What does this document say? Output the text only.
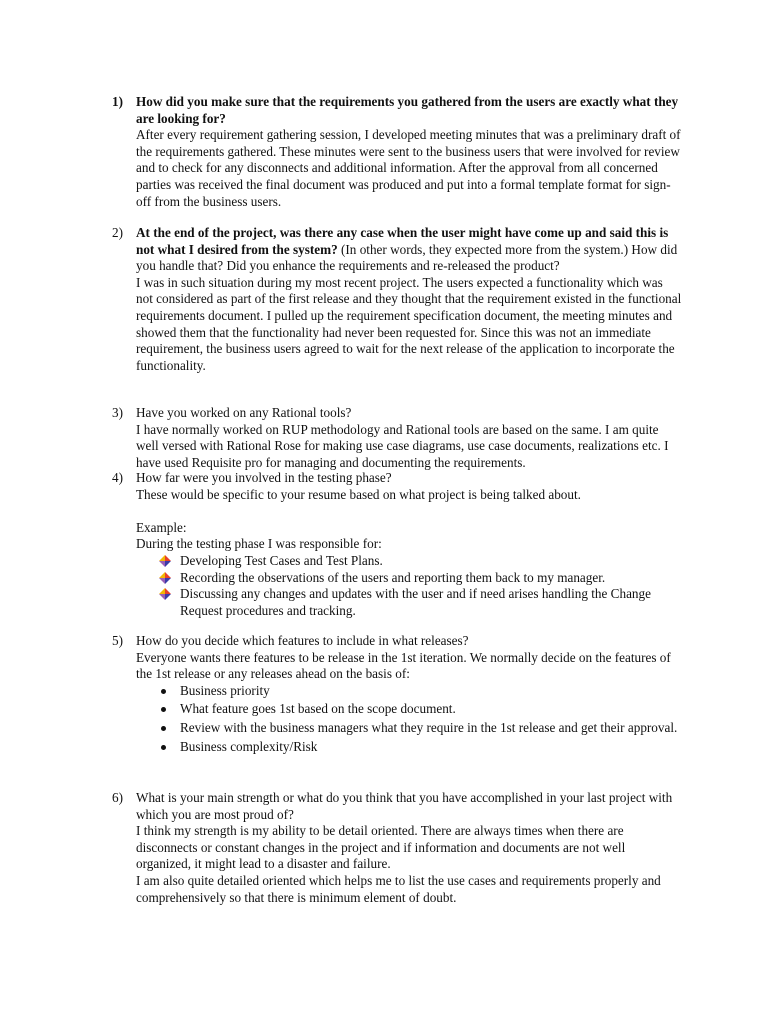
1) How did you make sure that the requirements you gathered from the users are exactly what they are looking for?

After every requirement gathering session, I developed meeting minutes that was a preliminary draft of the requirements gathered. These minutes were sent to the business users that were involved for review and to check for any disconnects and additional information. After the approval from all concerned parties was received the final document was produced and put into a formal template format for sign-off from the business users.

2) At the end of the project, was there any case when the user might have come up and said this is not what I desired from the system? (In other words, they expected more from the system.) How did you handle that? Did you enhance the requirements and re-released the product?

I was in such situation during my most recent project. The users expected a functionality which was not considered as part of the first release and they thought that the requirement existed in the functional requirements document. I pulled up the requirement specification document, the meeting minutes and showed them that the functionality had never been requested for. Since this was not an immediate requirement, the business users agreed to wait for the next release of the application to incorporate the functionality.

3) Have you worked on any Rational tools?

I have normally worked on RUP methodology and Rational tools are based on the same. I am quite well versed with Rational Rose for making use case diagrams, use case documents, realizations etc. I have used Requisite pro for managing and documenting the requirements.

4) How far were you involved in the testing phase?

These would be specific to your resume based on what project is being talked about.

Example:

During the testing phase I was responsible for:

Developing Test Cases and Test Plans.
Recording the observations of the users and reporting them back to my manager.
Discussing any changes and updates with the user and if need arises handling the Change Request procedures and tracking.
5) How do you decide which features to include in what releases?

Everyone wants there features to be release in the 1st iteration. We normally decide on the features of the 1st release or any releases ahead on the basis of:

Business priority
What feature goes 1st based on the scope document.
Review with the business managers what they require in the 1st release and get their approval.
Business complexity/Risk
6) What is your main strength or what do you think that you have accomplished in your last project with which you are most proud of?

I think my strength is my ability to be detail oriented. There are always times when there are disconnects or constant changes in the project and if information and documents are not well organized, it might lead to a disaster and failure.

I am also quite detailed oriented which helps me to list the use cases and requirements properly and comprehensively so that there is minimum element of doubt.
